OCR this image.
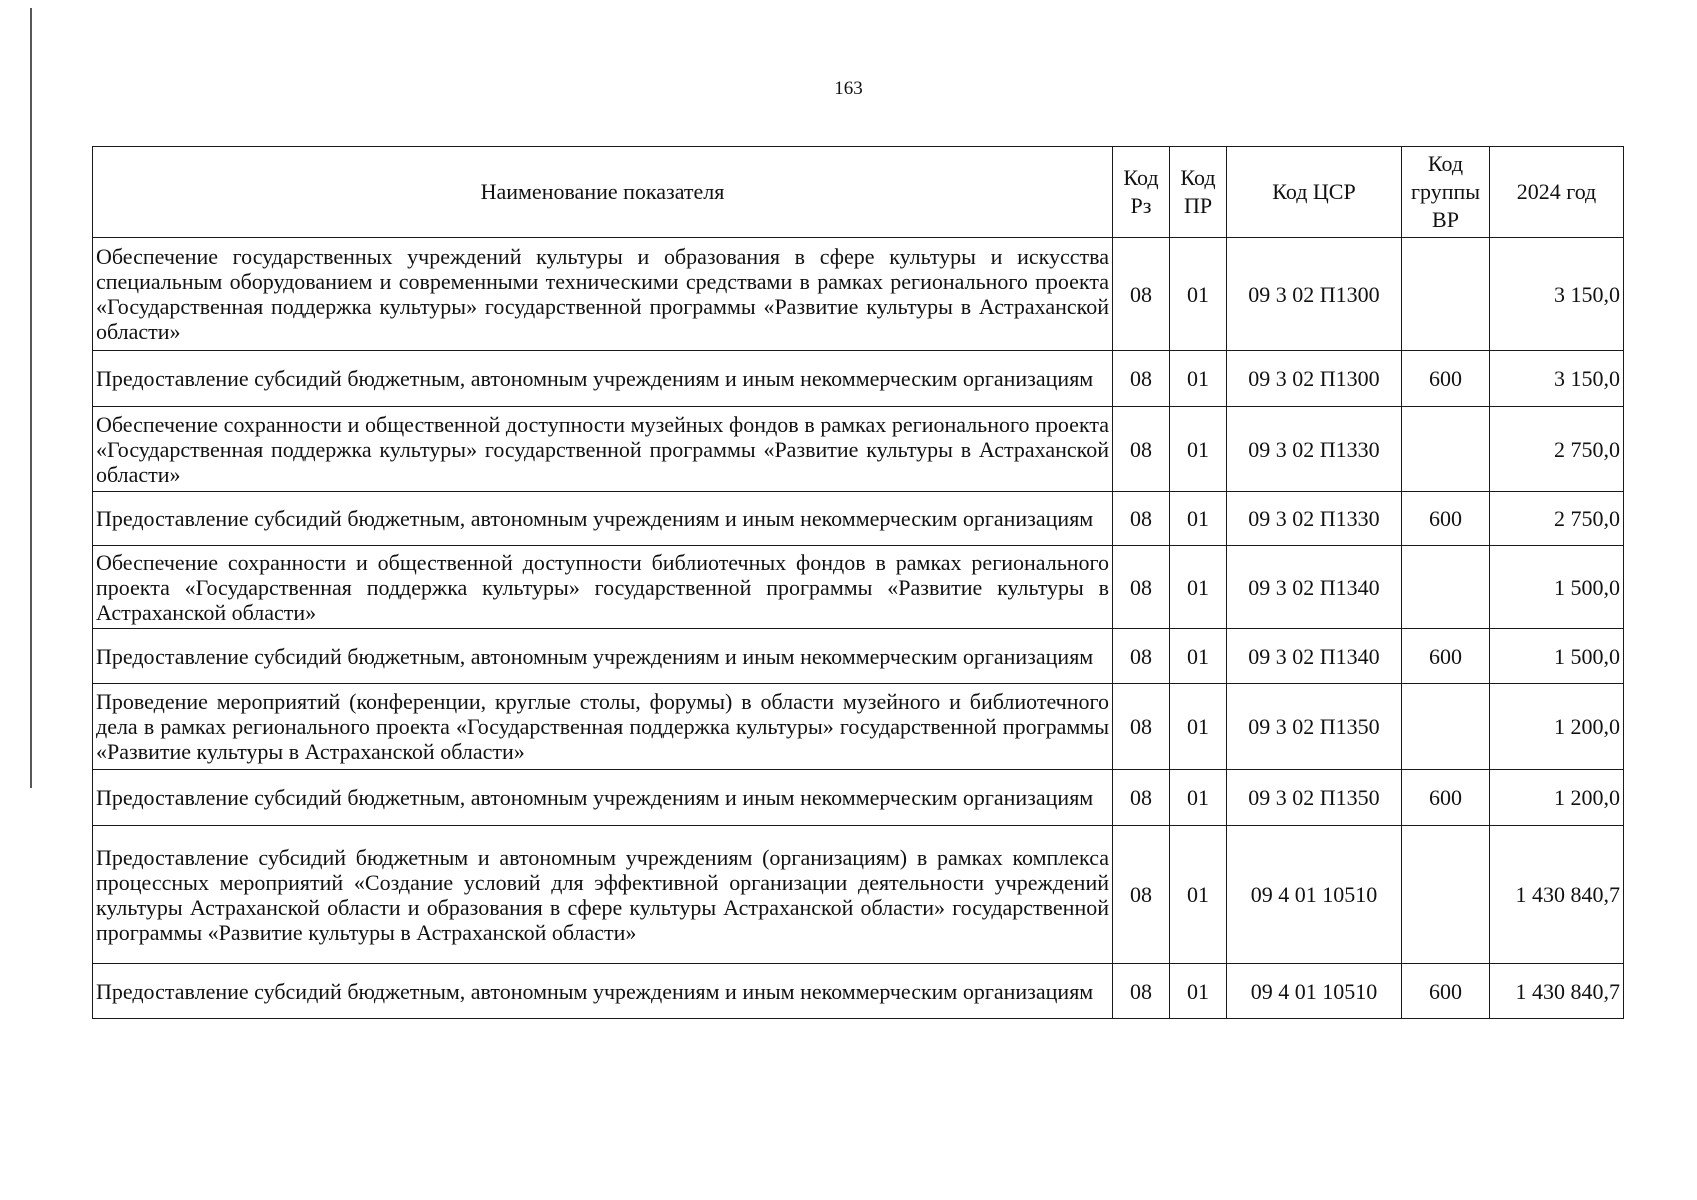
163
Наименование показателя	Код Рз	Код ПР	Код ЦСР	Код группы ВР	2024 год
Обеспечение государственных учреждений культуры и образования в сфере культуры и искусства специальным оборудованием и современными техническими средствами в рамках регионального проекта «Государственная поддержка культуры» государственной программы «Развитие культуры в Астраханской области»	08	01	09 3 02 П1300		3 150,0
Предоставление субсидий бюджетным, автономным учреждениям и иным некоммерческим организациям	08	01	09 3 02 П1300	600	3 150,0
Обеспечение сохранности и общественной доступности музейных фондов в рамках регионального проекта «Государственная поддержка культуры» государственной программы «Развитие культуры в Астраханской области»	08	01	09 3 02 П1330		2 750,0
Предоставление субсидий бюджетным, автономным учреждениям и иным некоммерческим организациям	08	01	09 3 02 П1330	600	2 750,0
Обеспечение сохранности и общественной доступности библиотечных фондов в рамках регионального проекта «Государственная поддержка культуры» государственной программы «Развитие культуры в Астраханской области»	08	01	09 3 02 П1340		1 500,0
Предоставление субсидий бюджетным, автономным учреждениям и иным некоммерческим организациям	08	01	09 3 02 П1340	600	1 500,0
Проведение мероприятий (конференции, круглые столы, форумы) в области музейного и библиотечного дела в рамках регионального проекта «Государственная поддержка культуры» государственной программы «Развитие культуры в Астраханской области»	08	01	09 3 02 П1350		1 200,0
Предоставление субсидий бюджетным, автономным учреждениям и иным некоммерческим организациям	08	01	09 3 02 П1350	600	1 200,0
Предоставление субсидий бюджетным и автономным учреждениям (организациям) в рамках комплекса процессных мероприятий «Создание условий для эффективной организации деятельности учреждений культуры Астраханской области и образования в сфере культуры Астраханской области» государственной программы «Развитие культуры в Астраханской области»	08	01	09 4 01 10510		1 430 840,7
Предоставление субсидий бюджетным, автономным учреждениям и иным некоммерческим организациям	08	01	09 4 01 10510	600	1 430 840,7
